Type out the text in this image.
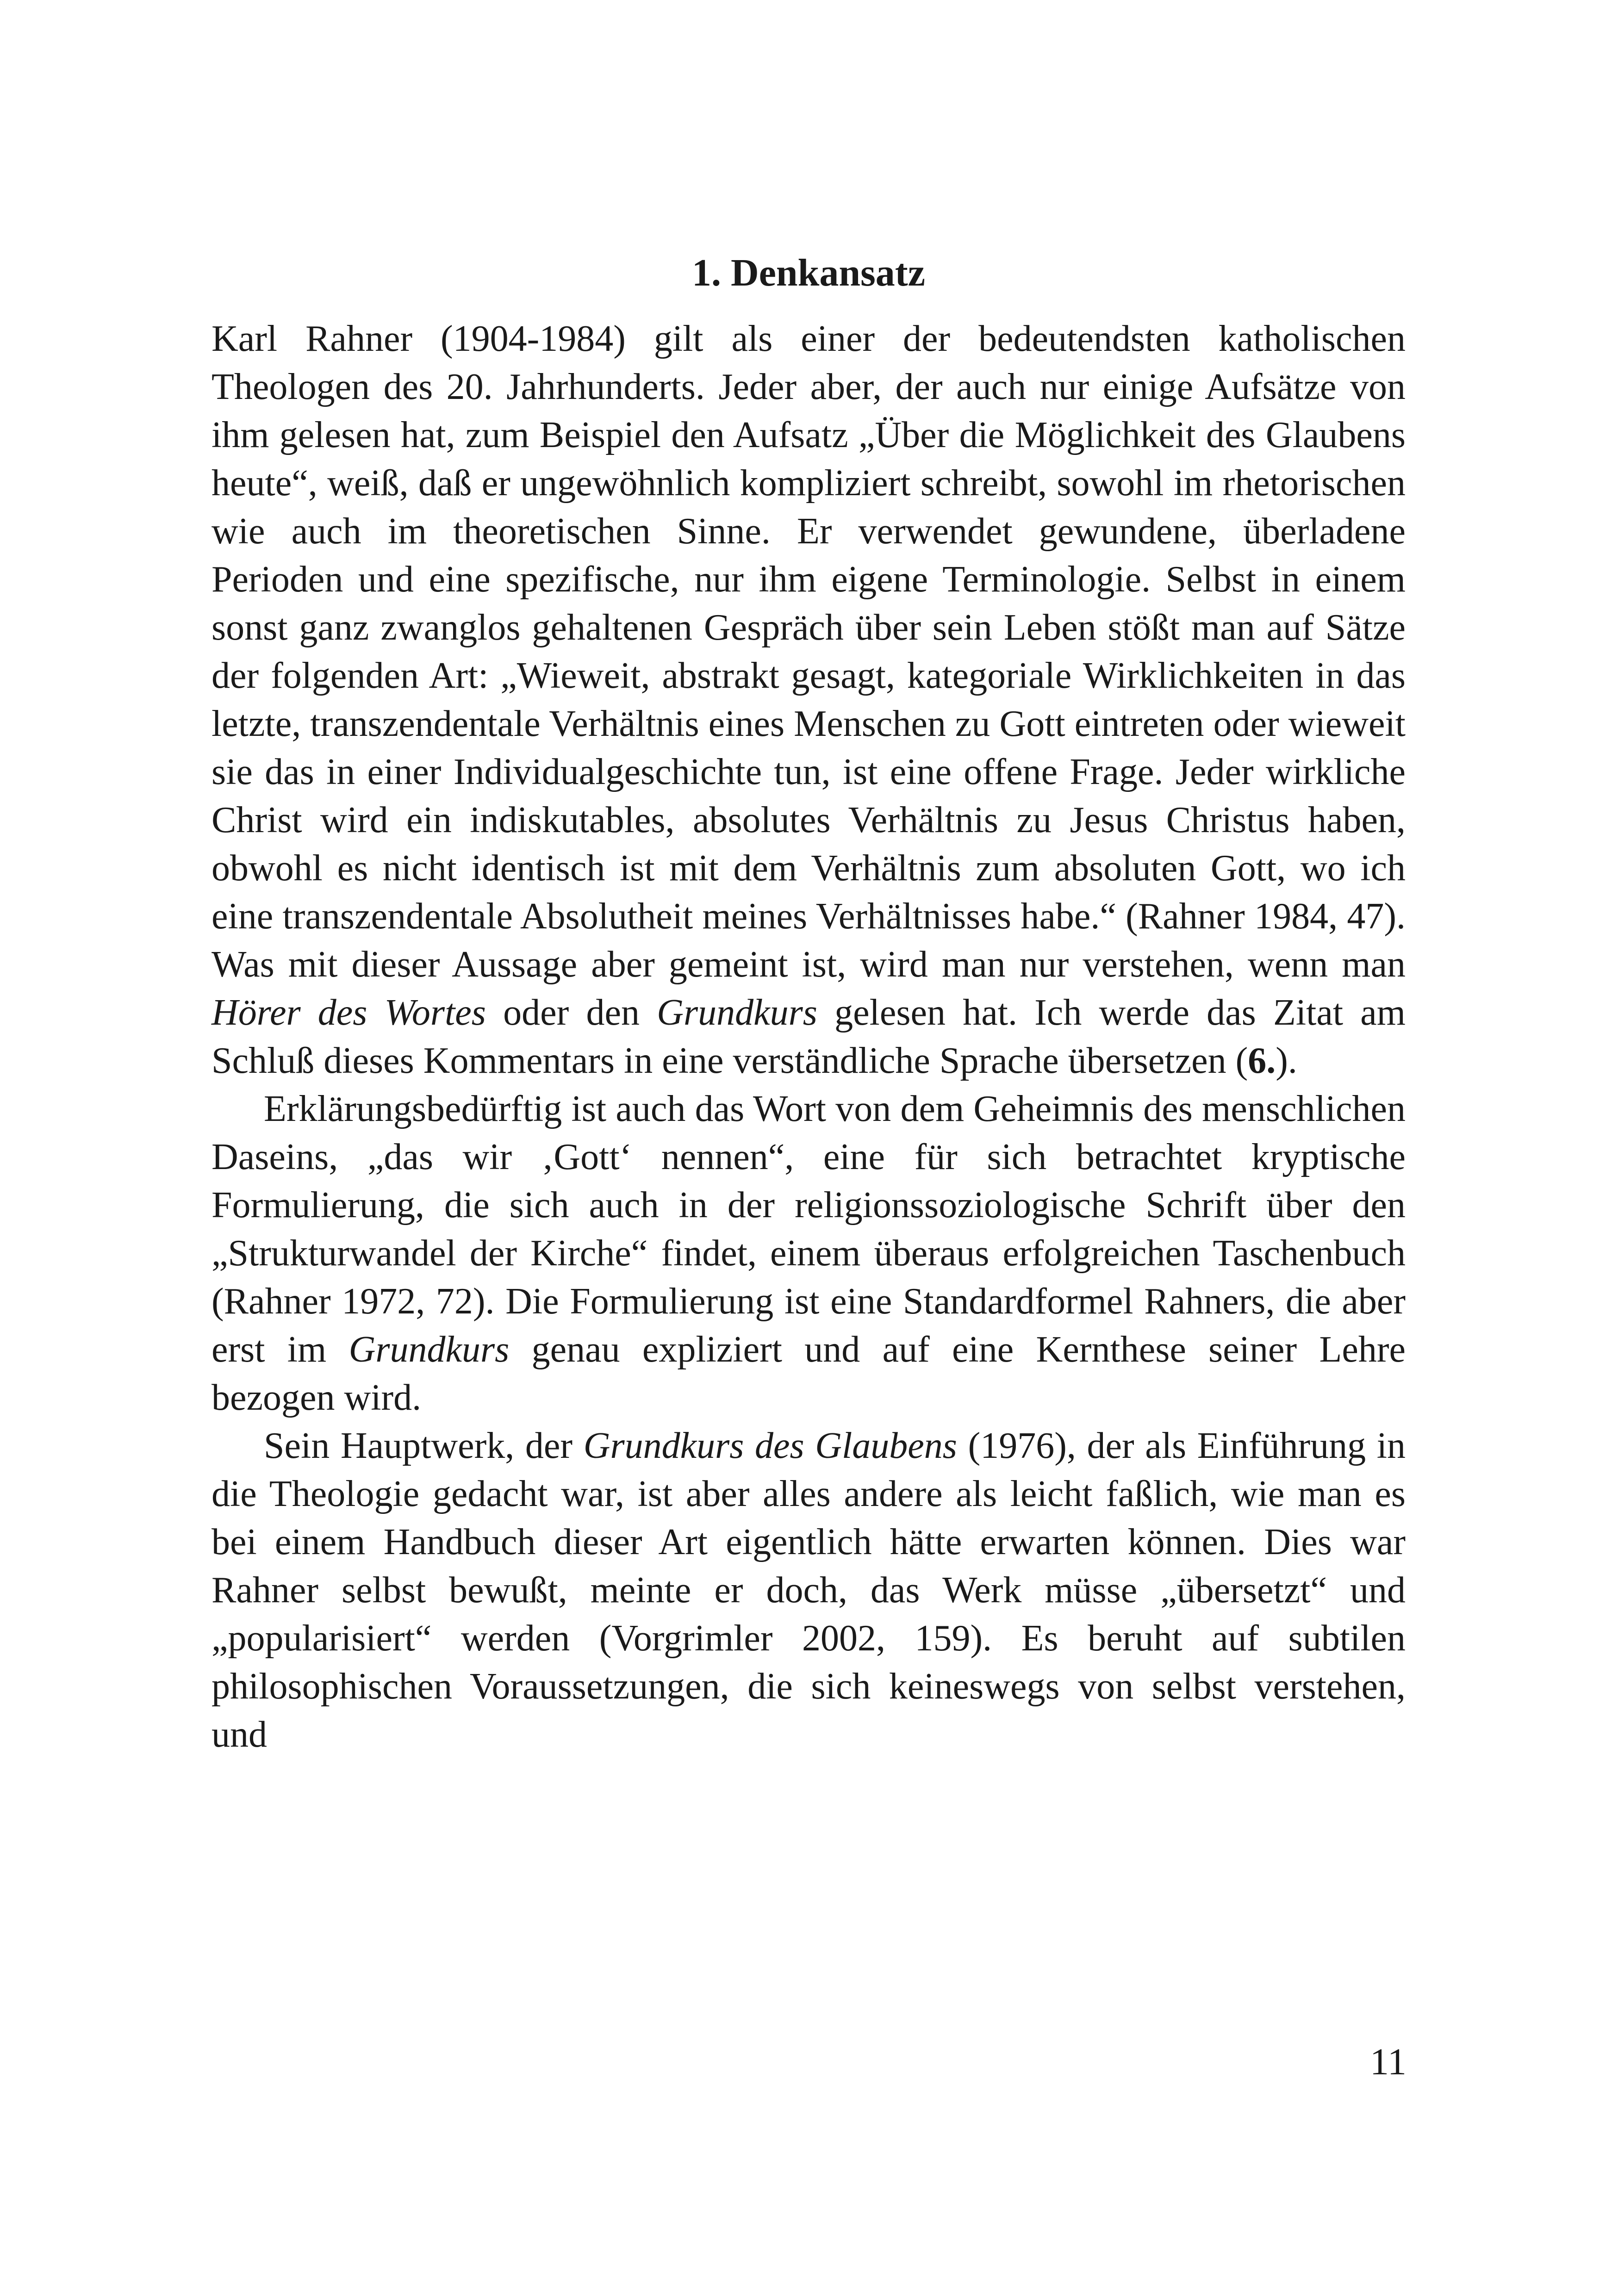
1. Denkansatz

Karl Rahner (1904-1984) gilt als einer der bedeutendsten katholischen Theologen des 20. Jahrhunderts. Jeder aber, der auch nur einige Aufsätze von ihm gelesen hat, zum Beispiel den Aufsatz „Über die Möglichkeit des Glaubens heute“, weiß, daß er ungewöhnlich kompliziert schreibt, sowohl im rhetorischen wie auch im theoretischen Sinne. Er verwendet gewundene, überladene Perioden und eine spezifische, nur ihm eigene Terminologie. Selbst in einem sonst ganz zwanglos gehaltenen Gespräch über sein Leben stößt man auf Sätze der folgenden Art: „Wieweit, abstrakt gesagt, kategoriale Wirklichkeiten in das letzte, transzendentale Verhältnis eines Menschen zu Gott eintreten oder wieweit sie das in einer Individualgeschichte tun, ist eine offene Frage. Jeder wirkliche Christ wird ein indiskutables, absolutes Verhältnis zu Jesus Christus haben, obwohl es nicht identisch ist mit dem Verhältnis zum absoluten Gott, wo ich eine transzendentale Absolutheit meines Verhältnisses habe.“ (Rahner 1984, 47). Was mit dieser Aussage aber gemeint ist, wird man nur verstehen, wenn man Hörer des Wortes oder den Grundkurs gelesen hat. Ich werde das Zitat am Schluß dieses Kommentars in eine verständliche Sprache übersetzen (6.).

Erklärungsbedürftig ist auch das Wort von dem Geheimnis des menschlichen Daseins, „das wir ‚Gott‘ nennen“, eine für sich betrachtet kryptische Formulierung, die sich auch in der religionssoziologische Schrift über den „Strukturwandel der Kirche“ findet, einem überaus erfolgreichen Taschenbuch (Rahner 1972, 72). Die Formulierung ist eine Standardformel Rahners, die aber erst im Grundkurs genau expliziert und auf eine Kernthese seiner Lehre bezogen wird.

Sein Hauptwerk, der Grundkurs des Glaubens (1976), der als Einführung in die Theologie gedacht war, ist aber alles andere als leicht faßlich, wie man es bei einem Handbuch dieser Art eigentlich hätte erwarten können. Dies war Rahner selbst bewußt, meinte er doch, das Werk müsse „übersetzt“ und „popularisiert“ werden (Vorgrimler 2002, 159). Es beruht auf subtilen philosophischen Voraussetzungen, die sich keineswegs von selbst verstehen, und

11
